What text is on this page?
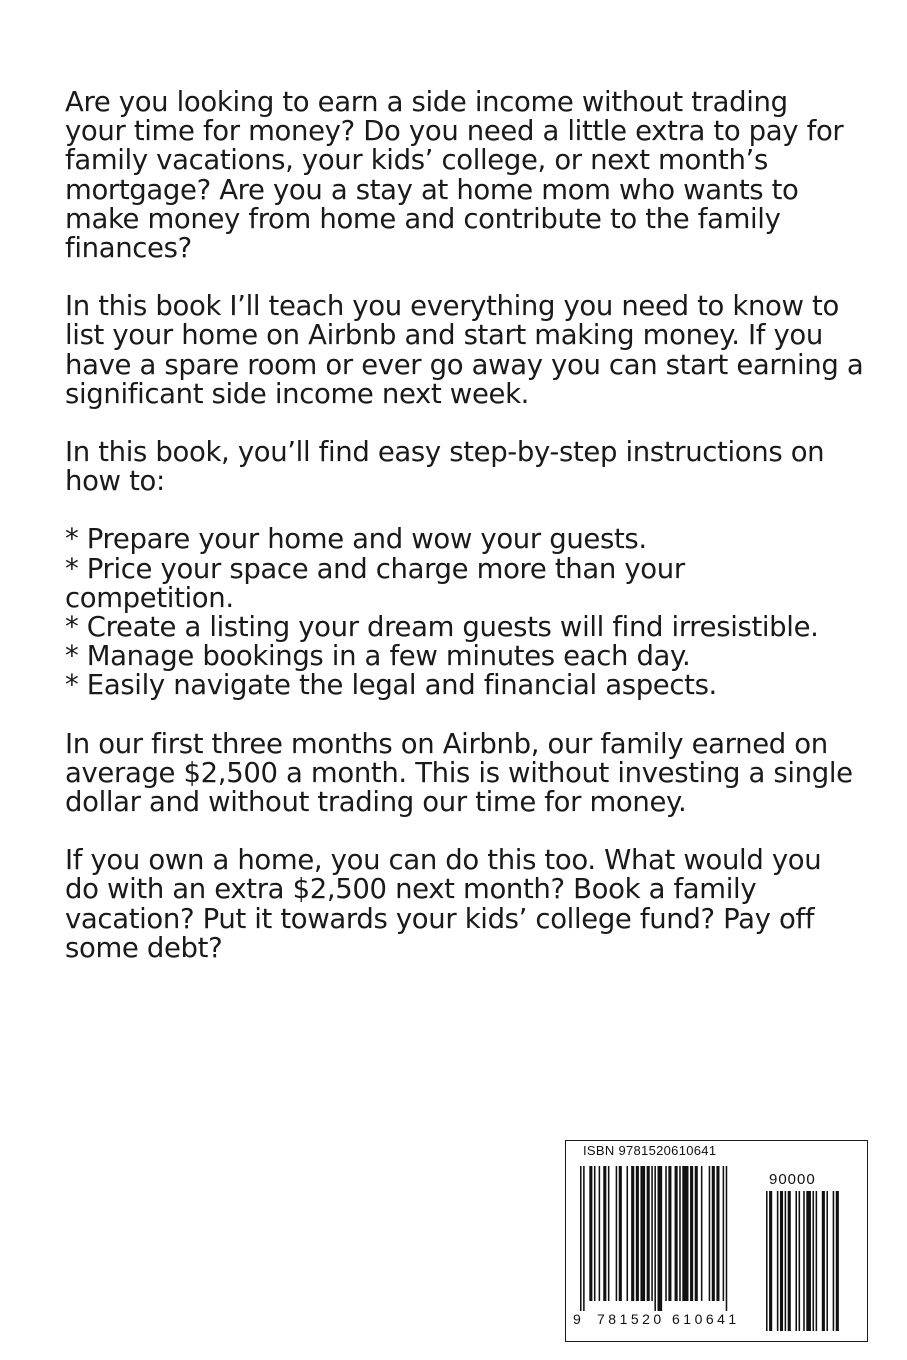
Are you looking to earn a side income without trading
your time for money? Do you need a little extra to pay for
family vacations, your kids’ college, or next month’s
mortgage? Are you a stay at home mom who wants to
make money from home and contribute to the family
finances?

In this book I’ll teach you everything you need to know to
list your home on Airbnb and start making money. If you
have a spare room or ever go away you can start earning a
significant side income next week.

In this book, you’ll find easy step-by-step instructions on
how to:

* Prepare your home and wow your guests.

* Price your space and charge more than your
competition.

* Create a listing your dream guests will find irresistible.

* Manage bookings in a few minutes each day.

* Easily navigate the legal and financial aspects.

In our first three months on Airbnb, our family earned on
average $2,500 a month. This is without investing a single
dollar and without trading our time for money.

If you own a home, you can do this too. What would you
do with an extra $2,500 next month? Book a family
vacation? Put it towards your kids’ college fund? Pay off
some debt?

ISBN 9781520610641
90000
9 781520 610641
